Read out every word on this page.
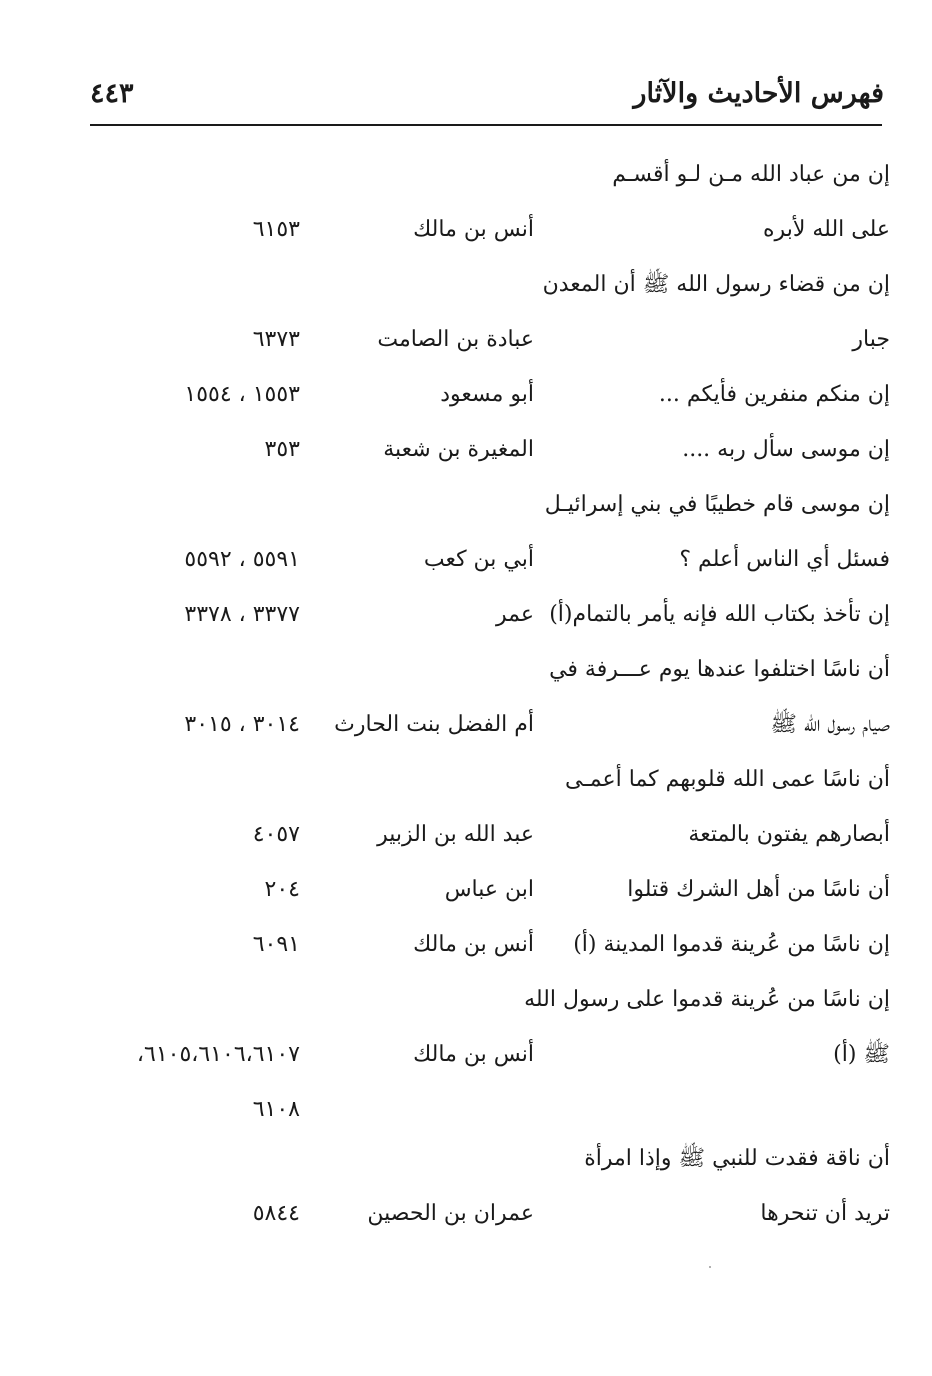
فهرس الأحاديث والآثار
٤٤٣
إن من عباد الله مـن لـو أقسـم
على الله لأبره
أنس بن مالك
٦١٥٣
إن من قضاء رسول الله ﷺ أن المعدن
جبار
عبادة بن الصامت
٦٣٧٣
إن منكم منفرين فأيكم ...
أبو مسعود
١٥٥٣ ، ١٥٥٤
إن موسى سأل ربه ....
المغيرة بن شعبة
٣٥٣
إن موسى قام خطيبًا في بني إسرائيـل
فسئل أي الناس أعلم ؟
أبي بن كعب
٥٥٩١ ، ٥٥٩٢
إن تأخذ بكتاب الله فإنه يأمر بالتمام(أ)
عمر
٣٣٧٧ ، ٣٣٧٨
أن ناسًا اختلفوا عندها يوم عـــرفة في
صيام رسول الله ﷺ
أم الفضل بنت الحارث
٣٠١٤ ، ٣٠١٥
أن ناسًا عمى الله قلوبهم كما أعمـى
أبصارهم يفتون بالمتعة
عبد الله بن الزبير
٤٠٥٧
أن ناسًا من أهل الشرك قتلوا
ابن عباس
٢٠٤
إن ناسًا من عُرينة قدموا المدينة (أ)
أنس بن مالك
٦٠٩١
إن ناسًا من عُرينة قدموا على رسول الله
ﷺ (أ)
أنس بن مالك
٦١٠٥،٦١٠٦،٦١٠٧،
٦١٠٨
أن ناقة فقدت للنبي ﷺ وإذا امرأة
تريد أن تنحرها
عمران بن الحصين
٥٨٤٤
